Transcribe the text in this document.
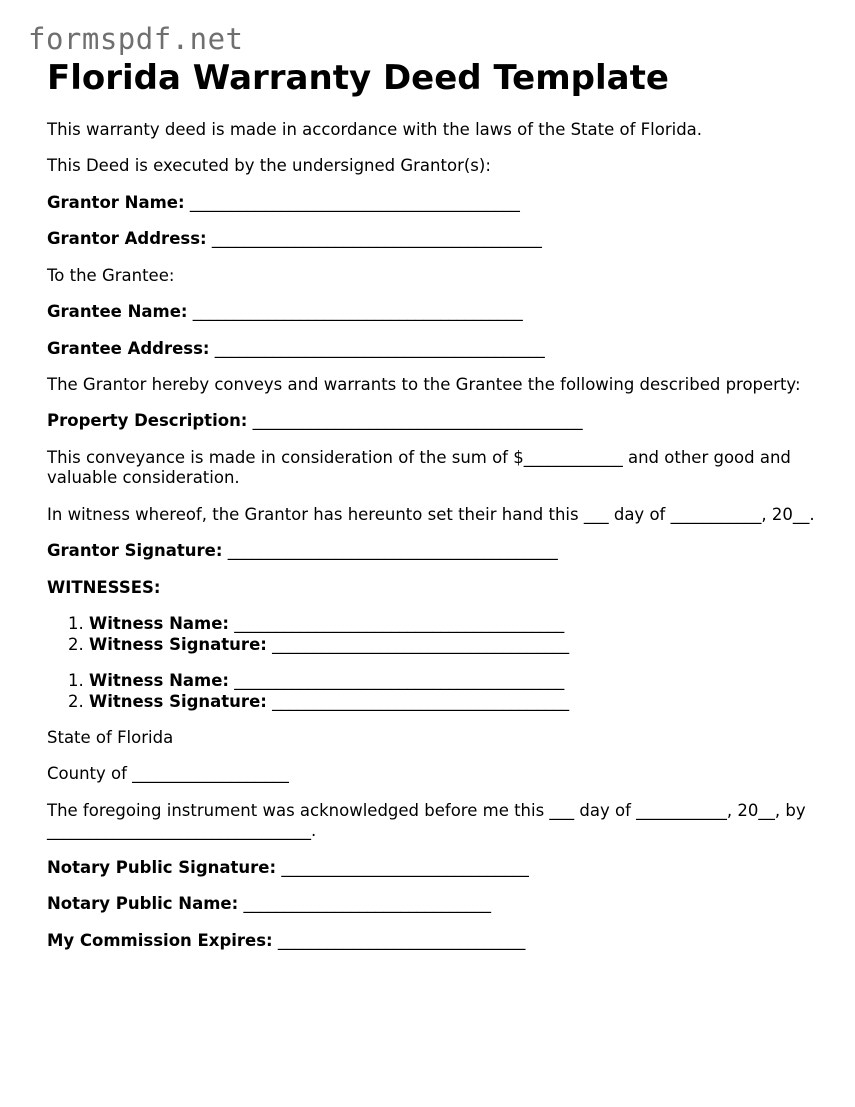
formspdf.net
Florida Warranty Deed Template

This warranty deed is made in accordance with the laws of the State of Florida.

This Deed is executed by the undersigned Grantor(s):

Grantor Name: ________________________________________

Grantor Address: ________________________________________

To the Grantee:

Grantee Name: ________________________________________

Grantee Address: ________________________________________

The Grantor hereby conveys and warrants to the Grantee the following described property:

Property Description: ________________________________________

This conveyance is made in consideration of the sum of $____________ and other good and valuable consideration.

In witness whereof, the Grantor has hereunto set their hand this ___ day of ___________, 20__.

Grantor Signature: ________________________________________

WITNESSES:

1. Witness Name: ________________________________________
2. Witness Signature: ____________________________________
1. Witness Name: ________________________________________
2. Witness Signature: ____________________________________

State of Florida

County of ___________________

The foregoing instrument was acknowledged before me this ___ day of ___________, 20__, by ________________________________.

Notary Public Signature: ______________________________

Notary Public Name: ______________________________

My Commission Expires: ______________________________
